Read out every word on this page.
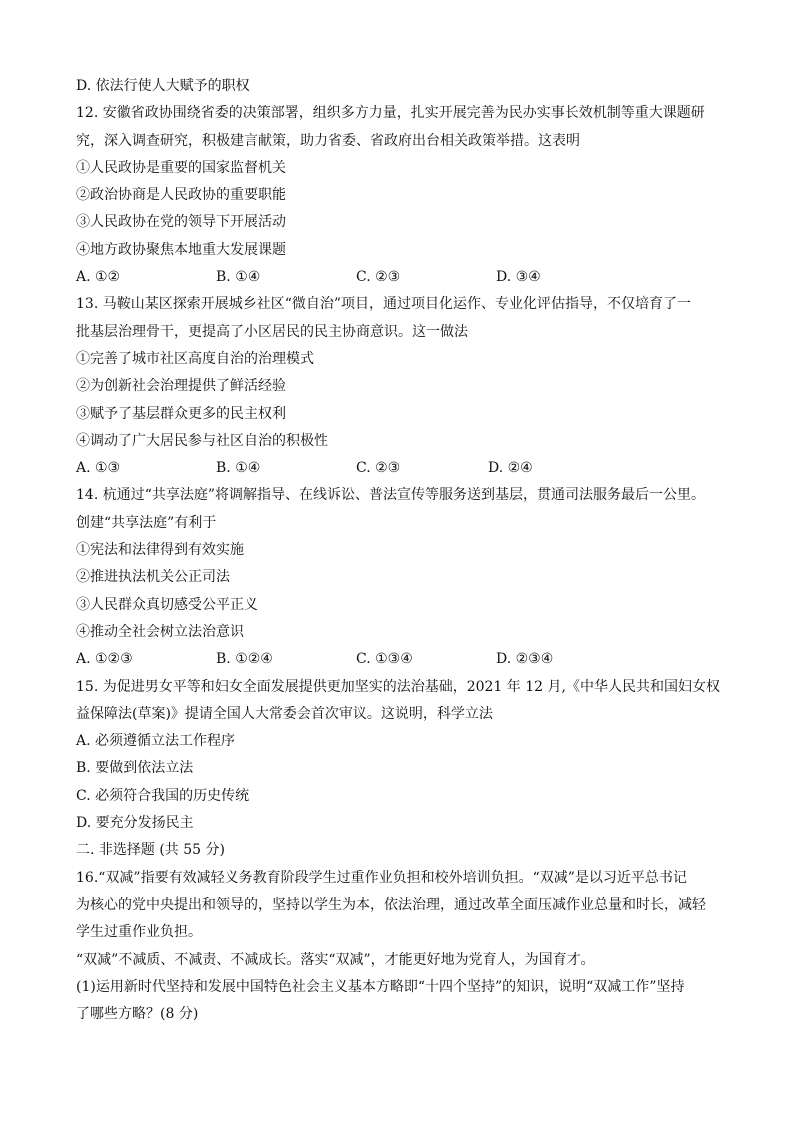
D. 依法行使人大赋予的职权
12. 安徽省政协围绕省委的决策部署，组织多方力量，扎实开展完善为民办实事长效机制等重大课题研
究，深入调查研究，积极建言献策，助力省委、省政府出台相关政策举措。这表明
①人民政协是重要的国家监督机关
②政治协商是人民政协的重要职能
③人民政协在党的领导下开展活动
④地方政协聚焦本地重大发展课题
A. ①②	B. ①④	C. ②③	D. ③④
13. 马鞍山某区探索开展城乡社区“微自治”项目，通过项目化运作、专业化评估指导，不仅培育了一
批基层治理骨干，更提高了小区居民的民主协商意识。这一做法
①完善了城市社区高度自治的治理模式
②为创新社会治理提供了鲜活经验
③赋予了基层群众更多的民主权利
④调动了广大居民参与社区自治的积极性
A. ①③	B. ①④	C. ②③	D. ②④
14. 杭通过“共享法庭”将调解指导、在线诉讼、普法宣传等服务送到基层，贯通司法服务最后一公里。
创建“共享法庭”有利于
①宪法和法律得到有效实施
②推进执法机关公正司法
③人民群众真切感受公平正义
④推动全社会树立法治意识
A. ①②③	B. ①②④	C. ①③④	D. ②③④
15. 为促进男女平等和妇女全面发展提供更加坚实的法治基础，2021 年 12 月,《中华人民共和国妇女权
益保障法(草案)》提请全国人大常委会首次审议。这说明，科学立法
A. 必须遵循立法工作程序
B. 要做到依法立法
C. 必须符合我国的历史传统
D. 要充分发扬民主
二. 非选择题 (共 55 分)
16.“双减”指要有效减轻义务教育阶段学生过重作业负担和校外培训负担。“双减”是以习近平总书记
为核心的党中央提出和领导的，坚持以学生为本，依法治理，通过改革全面压减作业总量和时长，减轻
学生过重作业负担。
“双减”不减质、不减责、不减成长。落实“双减”，才能更好地为党育人，为国育才。
(1)运用新时代坚持和发展中国特色社会主义基本方略即“十四个坚持”的知识，说明“双减工作”坚持
了哪些方略？(8 分)
